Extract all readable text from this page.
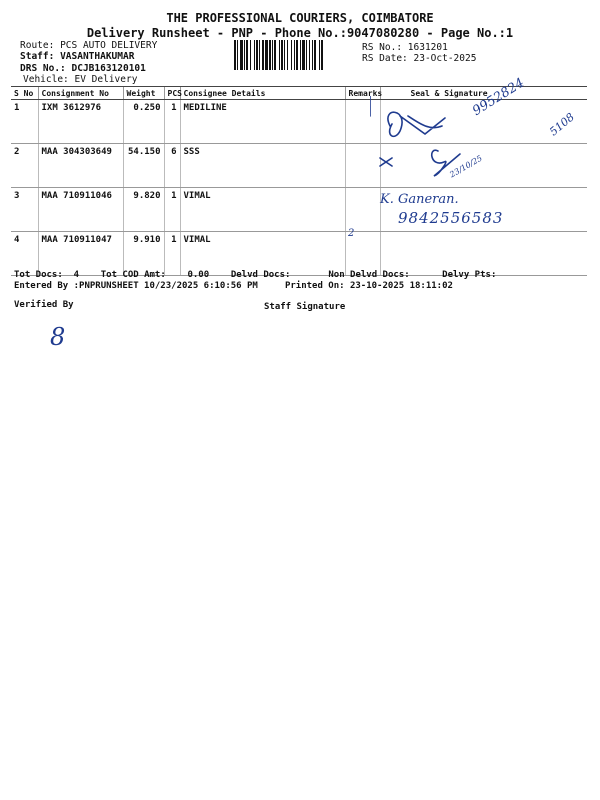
THE PROFESSIONAL COURIERS, COIMBATORE
Delivery Runsheet - PNP - Phone No.:9047080280 - Page No.:1
Route: PCS AUTO DELIVERY
Staff: VASANTHAKUMAR
DRS No.: DCJB163120101
Vehicle: EV Delivery
RS No.: 1631201
RS Date: 23-Oct-2025
S No	Consignment No	Weight	PCS	Consignee Details	Remarks	Seal & Signature
1	IXM 3612976	0.250	1	MEDILINE		
2	MAA 304303649	54.150	6	SSS		
3	MAA 710911046	9.820	1	VIMAL		
4	MAA 710911047	9.910	1	VIMAL		
9952824
5108
23/10/25
K. Ganeran.
9842556583
2
Tot Docs: 4 Tot COD Amt: 0.00 Delvd Docs:	Non Delvd Docs:	Delvy Pts:
Entered By :PNPRUNSHEET 10/23/2025 6:10:56 PM	Printed On: 23-10-2025 18:11:02
Verified By	Staff Signature
8
